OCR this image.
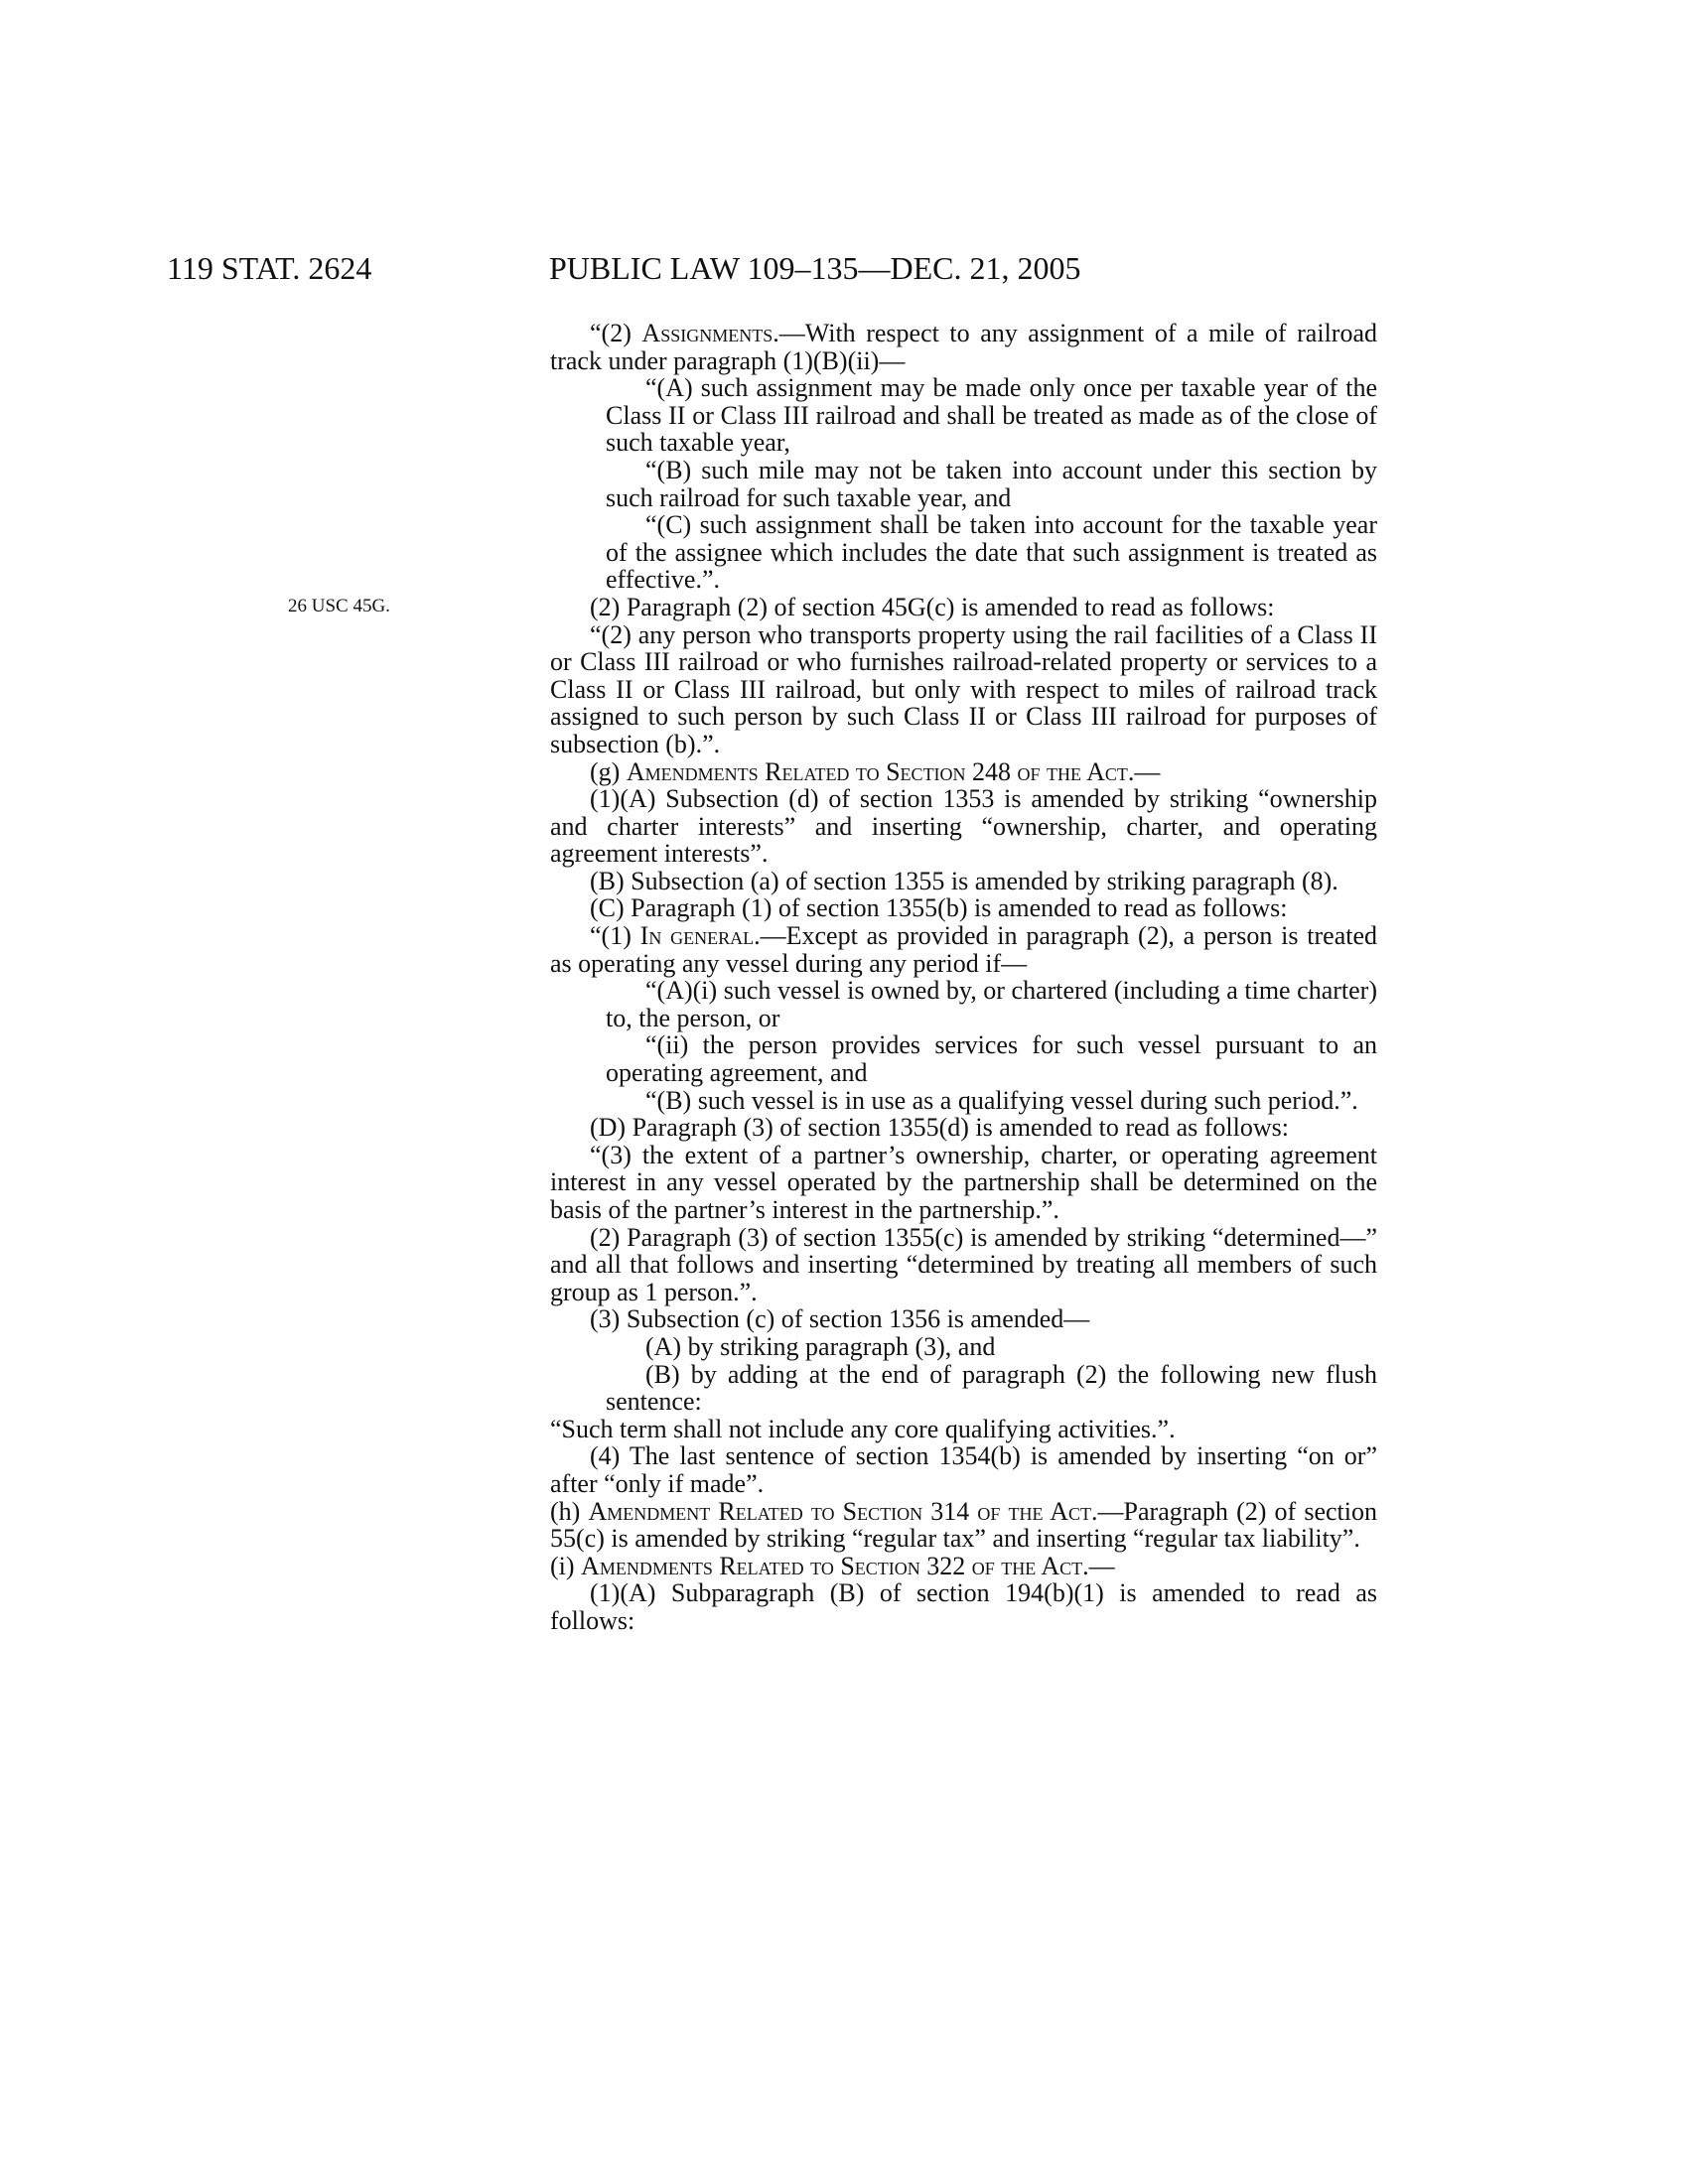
119 STAT. 2624	PUBLIC LAW 109–135—DEC. 21, 2005
26 USC 45G.

“(2) Assignments.—With respect to any assignment of a mile of railroad track under paragraph (1)(B)(ii)—

“(A) such assignment may be made only once per taxable year of the Class II or Class III railroad and shall be treated as made as of the close of such taxable year,

“(B) such mile may not be taken into account under this section by such railroad for such taxable year, and

“(C) such assignment shall be taken into account for the taxable year of the assignee which includes the date that such assignment is treated as effective.”.

(2) Paragraph (2) of section 45G(c) is amended to read as follows:

“(2) any person who transports property using the rail facilities of a Class II or Class III railroad or who furnishes railroad-related property or services to a Class II or Class III railroad, but only with respect to miles of railroad track assigned to such person by such Class II or Class III railroad for purposes of subsection (b).”.

(g) Amendments Related to Section 248 of the Act.—

(1)(A) Subsection (d) of section 1353 is amended by striking “ownership and charter interests” and inserting “ownership, charter, and operating agreement interests”.

(B) Subsection (a) of section 1355 is amended by striking paragraph (8).

(C) Paragraph (1) of section 1355(b) is amended to read as follows:

“(1) In general.—Except as provided in paragraph (2), a person is treated as operating any vessel during any period if—

“(A)(i) such vessel is owned by, or chartered (including a time charter) to, the person, or

“(ii) the person provides services for such vessel pursuant to an operating agreement, and

“(B) such vessel is in use as a qualifying vessel during such period.”.

(D) Paragraph (3) of section 1355(d) is amended to read as follows:

“(3) the extent of a partner’s ownership, charter, or operating agreement interest in any vessel operated by the partnership shall be determined on the basis of the partner’s interest in the partnership.”.

(2) Paragraph (3) of section 1355(c) is amended by striking “determined—” and all that follows and inserting “determined by treating all members of such group as 1 person.”.

(3) Subsection (c) of section 1356 is amended—

(A) by striking paragraph (3), and

(B) by adding at the end of paragraph (2) the following new flush sentence:

“Such term shall not include any core qualifying activities.”.

(4) The last sentence of section 1354(b) is amended by inserting “on or” after “only if made”.

(h) Amendment Related to Section 314 of the Act.—Paragraph (2) of section 55(c) is amended by striking “regular tax” and inserting “regular tax liability”.

(i) Amendments Related to Section 322 of the Act.—

(1)(A) Subparagraph (B) of section 194(b)(1) is amended to read as follows:
